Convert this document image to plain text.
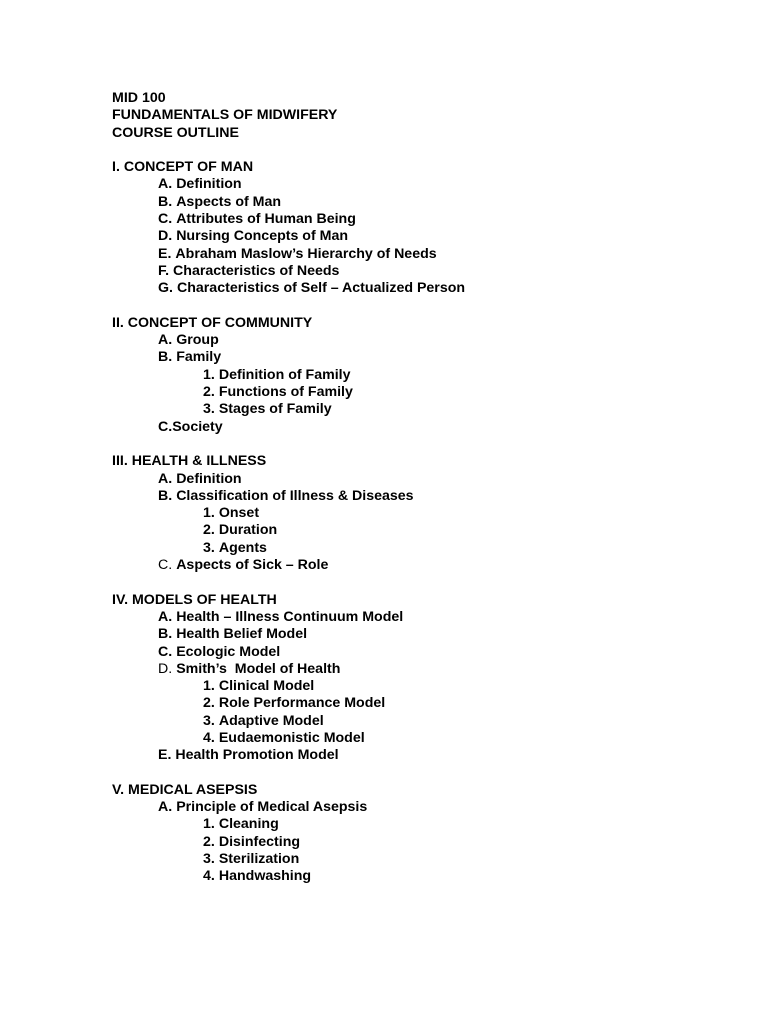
MID 100
FUNDAMENTALS OF MIDWIFERY
COURSE OUTLINE
I. CONCEPT OF MAN
A. Definition
B. Aspects of Man
C. Attributes of Human Being
D. Nursing Concepts of Man
E. Abraham Maslow’s Hierarchy of Needs
F. Characteristics of Needs
G. Characteristics of Self – Actualized Person
II. CONCEPT OF COMMUNITY
A. Group
B. Family
1. Definition of Family
2. Functions of Family
3. Stages of Family
C.Society
III. HEALTH & ILLNESS
A. Definition
B. Classification of Illness & Diseases
1. Onset
2. Duration
3. Agents
C. Aspects of Sick – Role
IV. MODELS OF HEALTH
A. Health – Illness Continuum Model
B. Health Belief Model
C. Ecologic Model
D. Smith’s  Model of Health
1. Clinical Model
2. Role Performance Model
3. Adaptive Model
4. Eudaemonistic Model
E. Health Promotion Model
V. MEDICAL ASEPSIS
A. Principle of Medical Asepsis
1. Cleaning
2. Disinfecting
3. Sterilization
4. Handwashing
